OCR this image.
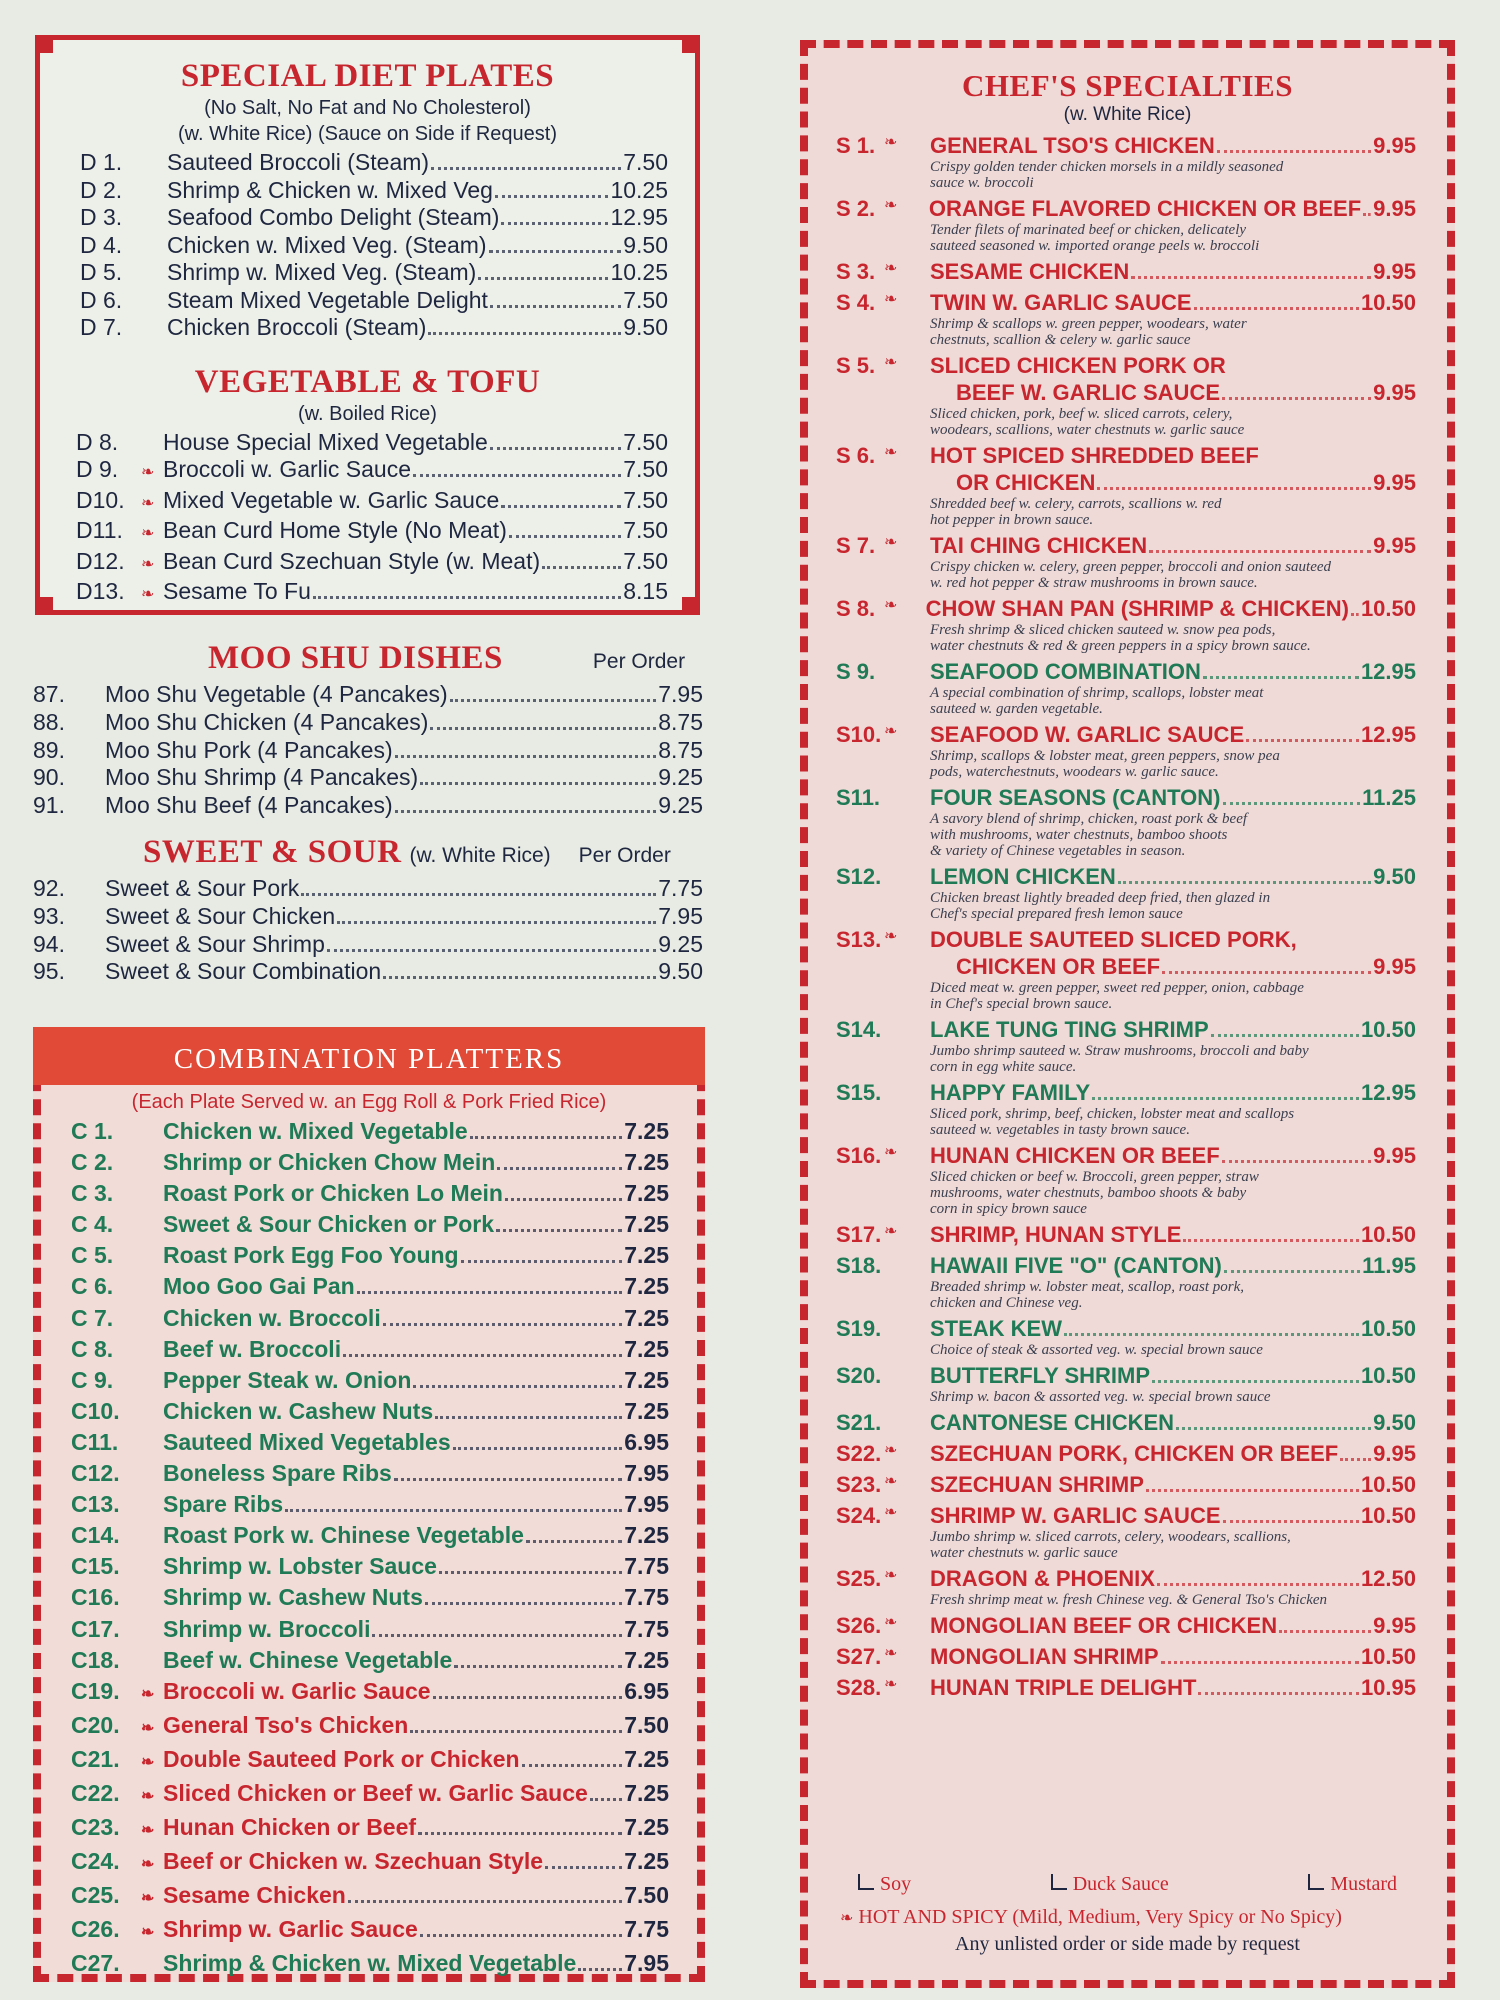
SPECIAL DIET PLATES
(No Salt, No Fat and No Cholesterol)
(w. White Rice) (Sauce on Side if Request)
D 1.	Sauteed Broccoli (Steam)	7.50
D 2.	Shrimp & Chicken w. Mixed Veg	10.25
D 3.	Seafood Combo Delight (Steam)	12.95
D 4.	Chicken w. Mixed Veg. (Steam)	9.50
D 5.	Shrimp w. Mixed Veg. (Steam)	10.25
D 6.	Steam Mixed Vegetable Delight	7.50
D 7.	Chicken Broccoli (Steam)	9.50
VEGETABLE & TOFU
(w. Boiled Rice)
D 8.	House Special Mixed Vegetable	7.50
D 9.	❧ Broccoli w. Garlic Sauce	7.50
D10.	❧ Mixed Vegetable w. Garlic Sauce	7.50
D11.	❧ Bean Curd Home Style (No Meat)	7.50
D12.	❧ Bean Curd Szechuan Style (w. Meat)	7.50
D13.	❧ Sesame To Fu	8.15
MOO SHU DISHES	Per Order
87.	Moo Shu Vegetable (4 Pancakes)	7.95
88.	Moo Shu Chicken (4 Pancakes)	8.75
89.	Moo Shu Pork (4 Pancakes)	8.75
90.	Moo Shu Shrimp (4 Pancakes)	9.25
91.	Moo Shu Beef (4 Pancakes)	9.25
SWEET & SOUR (w. White Rice) Per Order
92.	Sweet & Sour Pork	7.75
93.	Sweet & Sour Chicken	7.95
94.	Sweet & Sour Shrimp	9.25
95.	Sweet & Sour Combination	9.50
COMBINATION PLATTERS
(Each Plate Served w. an Egg Roll & Pork Fried Rice)
C 1.	Chicken w. Mixed Vegetable	7.25
C 2.	Shrimp or Chicken Chow Mein	7.25
C 3.	Roast Pork or Chicken Lo Mein	7.25
C 4.	Sweet & Sour Chicken or Pork	7.25
C 5.	Roast Pork Egg Foo Young	7.25
C 6.	Moo Goo Gai Pan	7.25
C 7.	Chicken w. Broccoli	7.25
C 8.	Beef w. Broccoli	7.25
C 9.	Pepper Steak w. Onion	7.25
C10.	Chicken w. Cashew Nuts	7.25
C11.	Sauteed Mixed Vegetables	6.95
C12.	Boneless Spare Ribs	7.95
C13.	Spare Ribs	7.95
C14.	Roast Pork w. Chinese Vegetable	7.25
C15.	Shrimp w. Lobster Sauce	7.75
C16.	Shrimp w. Cashew Nuts	7.75
C17.	Shrimp w. Broccoli	7.75
C18.	Beef w. Chinese Vegetable	7.25
C19.	❧ Broccoli w. Garlic Sauce	6.95
C20.	❧ General Tso's Chicken	7.50
C21.	❧ Double Sauteed Pork or Chicken	7.25
C22.	❧ Sliced Chicken or Beef w. Garlic Sauce 7.25
C23.	❧ Hunan Chicken or Beef	7.25
C24.	❧ Beef or Chicken w. Szechuan Style	7.25
C25.	❧ Sesame Chicken	7.50
C26.	❧ Shrimp w. Garlic Sauce	7.75
C27.	Shrimp & Chicken w. Mixed Vegetable 7.95
CHEF'S SPECIALTIES
(w. White Rice)
S 1.	GENERAL TSO'S CHICKEN	9.95
❧
Crispy golden tender chicken morsels in a mildly seasoned
sauce w. broccoli
S 2.	ORANGE FLAVORED CHICKEN OR BEEF 9.95
❧
Tender filets of marinated beef or chicken, delicately
sauteed seasoned w. imported orange peels w. broccoli
S 3.	SESAME CHICKEN	9.95
❧
S 4.	TWIN W. GARLIC SAUCE	10.50
❧
Shrimp & scallops w. green pepper, woodears, water
chestnuts, scallion & celery w. garlic sauce
S 5.	SLICED CHICKEN PORK OR
❧
BEEF W. GARLIC SAUCE	9.95
Sliced chicken, pork, beef w. sliced carrots, celery,
woodears, scallions, water chestnuts w. garlic sauce
S 6.	HOT SPICED SHREDDED BEEF
❧
OR CHICKEN	9.95
Shredded beef w. celery, carrots, scallions w. red
hot pepper in brown sauce.
S 7.	TAI CHING CHICKEN	9.95
❧
Crispy chicken w. celery, green pepper, broccoli and onion sauteed
w. red hot pepper & straw mushrooms in brown sauce.
S 8.	CHOW SHAN PAN (SHRIMP & CHICKEN) 10.50
❧
Fresh shrimp & sliced chicken sauteed w. snow pea pods,
water chestnuts & red & green peppers in a spicy brown sauce.
S 9.	SEAFOOD COMBINATION	12.95
A special combination of shrimp, scallops, lobster meat
sauteed w. garden vegetable.
S10.	SEAFOOD W. GARLIC SAUCE	12.95
❧
Shrimp, scallops & lobster meat, green peppers, snow pea
pods, waterchestnuts, woodears w. garlic sauce.
S11.	FOUR SEASONS (CANTON)	11.25
A savory blend of shrimp, chicken, roast pork & beef
with mushrooms, water chestnuts, bamboo shoots
& variety of Chinese vegetables in season.
S12.	LEMON CHICKEN	9.50
Chicken breast lightly breaded deep fried, then glazed in
Chef's special prepared fresh lemon sauce
S13.	DOUBLE SAUTEED SLICED PORK,
❧
CHICKEN OR BEEF	9.95
Diced meat w. green pepper, sweet red pepper, onion, cabbage
in Chef's special brown sauce.
S14.	LAKE TUNG TING SHRIMP	10.50
Jumbo shrimp sauteed w. Straw mushrooms, broccoli and baby
corn in egg white sauce.
S15.	HAPPY FAMILY	12.95
Sliced pork, shrimp, beef, chicken, lobster meat and scallops
sauteed w. vegetables in tasty brown sauce.
S16.	HUNAN CHICKEN OR BEEF	9.95
❧
Sliced chicken or beef w. Broccoli, green pepper, straw
mushrooms, water chestnuts, bamboo shoots & baby
corn in spicy brown sauce
S17.	SHRIMP, HUNAN STYLE	10.50
❧
S18.	HAWAII FIVE "O" (CANTON)	11.95
Breaded shrimp w. lobster meat, scallop, roast pork,
chicken and Chinese veg.
S19.	STEAK KEW	10.50
Choice of steak & assorted veg. w. special brown sauce
S20.	BUTTERFLY SHRIMP	10.50
Shrimp w. bacon & assorted veg. w. special brown sauce
S21.	CANTONESE CHICKEN	9.50
S22.	SZECHUAN PORK, CHICKEN OR BEEF 9.95
❧
S23.	SZECHUAN SHRIMP	10.50
❧
S24.	SHRIMP W. GARLIC SAUCE	10.50
❧
Jumbo shrimp w. sliced carrots, celery, woodears, scallions,
water chestnuts w. garlic sauce
S25.	DRAGON & PHOENIX	12.50
❧
Fresh shrimp meat w. fresh Chinese veg. & General Tso's Chicken
S26.	MONGOLIAN BEEF OR CHICKEN	9.95
❧
S27.	MONGOLIAN SHRIMP	10.50
❧
S28.	HUNAN TRIPLE DELIGHT	10.95
❧
Soy	Duck Sauce	Mustard
❧ HOT AND SPICY (Mild, Medium, Very Spicy or No Spicy)
Any unlisted order or side made by request
